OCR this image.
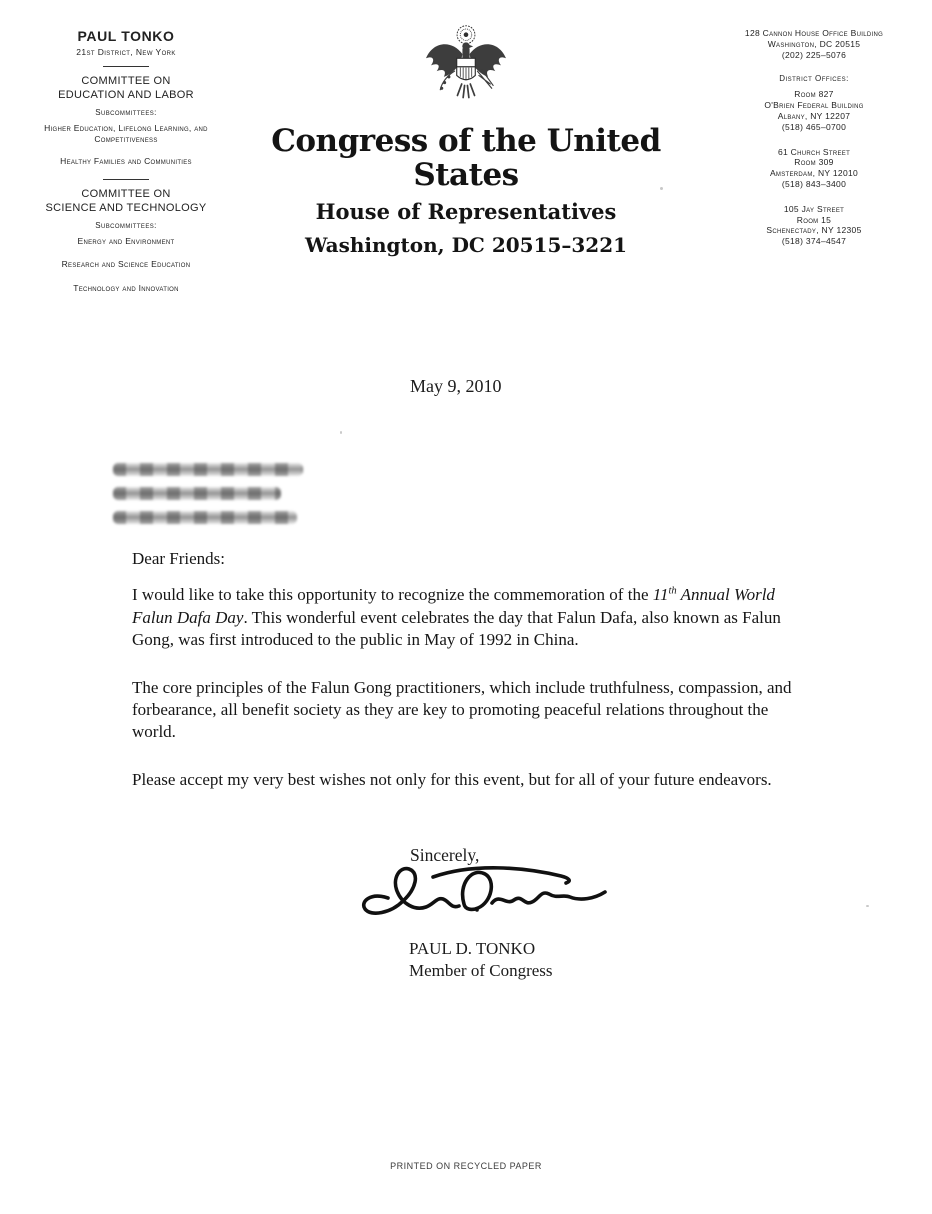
PAUL TONKO
21st District, New York
COMMITTEE ON
EDUCATION AND LABOR
Subcommittees:
Higher Education, Lifelong Learning, and Competitiveness
Healthy Families and Communities
COMMITTEE ON
SCIENCE AND TECHNOLOGY
Subcommittees:
Energy and Environment
Research and Science Education
Technology and Innovation
Congress of the United States
House of Representatives
Washington, DC 20515–3221
128 Cannon House Office Building
Washington, DC 20515
(202) 225–5076
District Offices:
Room 827
O'Brien Federal Building
Albany, NY 12207
(518) 465–0700
61 Church Street
Room 309
Amsterdam, NY 12010
(518) 843–3400
105 Jay Street
Room 15
Schenectady, NY 12305
(518) 374–4547
May 9, 2010
Dear Friends:

I would like to take this opportunity to recognize the commemoration of the 11th Annual World Falun Dafa Day. This wonderful event celebrates the day that Falun Dafa, also known as Falun Gong, was first introduced to the public in May of 1992 in China.

The core principles of the Falun Gong practitioners, which include truthfulness, compassion, and forbearance, all benefit society as they are key to promoting peaceful relations throughout the world.

Please accept my very best wishes not only for this event, but for all of your future endeavors.

Sincerely,
PAUL D. TONKO
Member of Congress
PRINTED ON RECYCLED PAPER
